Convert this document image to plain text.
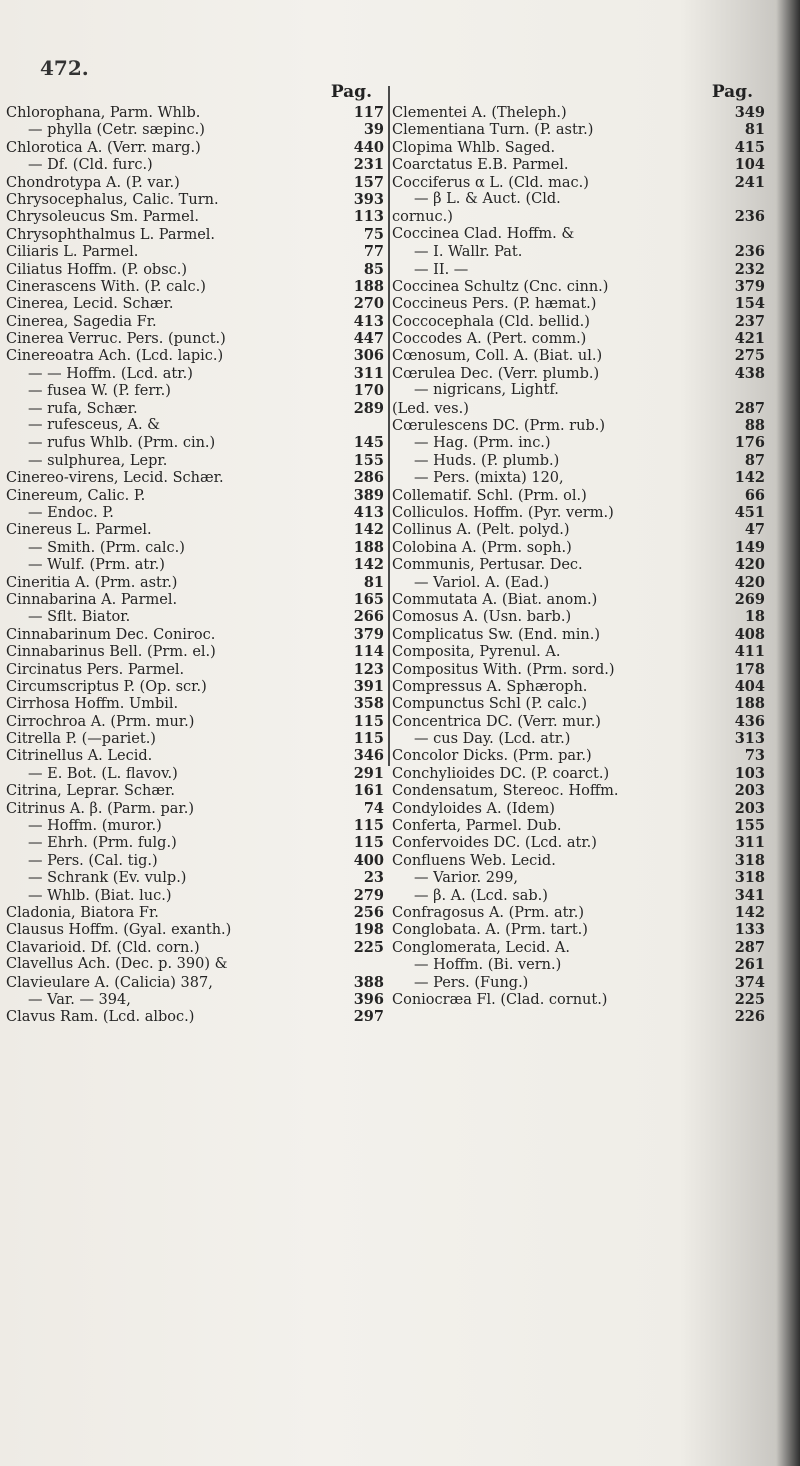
472.
Pag.
Chlorophana, Parm. Whlb.	117
— phylla (Cetr. sæpinc.)	39
Chlorotica A. (Verr. marg.)	440
— Df. (Cld. furc.)	231
Chondrotypa A. (P. var.)	157
Chrysocephalus, Calic. Turn.	393
Chrysoleucus Sm. Parmel.	113
Chrysophthalmus L. Parmel.	75
Ciliaris L. Parmel.	77
Ciliatus Hoffm. (P. obsc.)	85
Cinerascens With. (P. calc.)	188
Cinerea, Lecid. Schær.	270
Cinerea, Sagedia Fr.	413
Cinerea Verruc. Pers. (punct.)	447
Cinereoatra Ach. (Lcd. lapic.)	306
— — Hoffm. (Lcd. atr.)	311
— fusea W. (P. ferr.)	170
— rufa, Schær.	289
— rufesceus, A. &
— rufus Whlb. (Prm. cin.)	145
— sulphurea, Lepr.	155
Cinereo-virens, Lecid. Schær.	286
Cinereum, Calic. P.	389
— Endoc. P.	413
Cinereus L. Parmel.	142
— Smith. (Prm. calc.)	188
— Wulf. (Prm. atr.)	142
Cineritia A. (Prm. astr.)	81
Cinnabarina A. Parmel.	165
— Sflt. Biator.	266
Cinnabarinum Dec. Coniroc.	379
Cinnabarinus Bell. (Prm. el.)	114
Circinatus Pers. Parmel.	123
Circumscriptus P. (Op. scr.)	391
Cirrhosa Hoffm. Umbil.	358
Cirrochroa A. (Prm. mur.)	115
Citrella P. (—pariet.)	115
Citrinellus A. Lecid.	346
— E. Bot. (L. flavov.)	291
Citrina, Leprar. Schær.	161
Citrinus A. β. (Parm. par.)	74
— Hoffm. (muror.)	115
— Ehrh. (Prm. fulg.)	115
— Pers. (Cal. tig.)	400
— Schrank (Ev. vulp.)	23
— Whlb. (Biat. luc.)	279
Cladonia, Biatora Fr.	256
Clausus Hoffm. (Gyal. exanth.)	198
Clavarioid. Df. (Cld. corn.)	225
Clavellus Ach. (Dec. p. 390) &
Clavieulare A. (Calicia) 387,	388
— Var. — 394,	396
Clavus Ram. (Lcd. alboc.)	297
Pag.
Clementei A. (Theleph.)	349
Clementiana Turn. (P. astr.)	81
Clopima Whlb. Saged.	415
Coarctatus E.B. Parmel.	104
Cocciferus α L. (Cld. mac.)	241
— β L. & Auct. (Cld.
cornuc.)	236
Coccinea Clad. Hoffm. &
— I. Wallr. Pat.	236
— II. —	232
Coccinea Schultz (Cnc. cinn.)	379
Coccineus Pers. (P. hæmat.)	154
Coccocephala (Cld. bellid.)	237
Coccodes A. (Pert. comm.)	421
Cœnosum, Coll. A. (Biat. ul.)	275
Cœrulea Dec. (Verr. plumb.)	438
— nigricans, Lightf.
(Led. ves.)	287
Cœrulescens DC. (Prm. rub.)	88
— Hag. (Prm. inc.)	176
— Huds. (P. plumb.)	87
— Pers. (mixta) 120,	142
Collematif. Schl. (Prm. ol.)	66
Colliculos. Hoffm. (Pyr. verm.)	451
Collinus A. (Pelt. polyd.)	47
Colobina A. (Prm. soph.)	149
Communis, Pertusar. Dec.	420
— Variol. A. (Ead.)	420
Commutata A. (Biat. anom.)	269
Comosus A. (Usn. barb.)	18
Complicatus Sw. (End. min.)	408
Composita, Pyrenul. A.	411
Compositus With. (Prm. sord.)	178
Compressus A. Sphæroph.	404
Compunctus Schl (P. calc.)	188
Concentrica DC. (Verr. mur.)	436
— cus Day. (Lcd. atr.)	313
Concolor Dicks. (Prm. par.)	73
Conchylioides DC. (P. coarct.)	103
Condensatum, Stereoc. Hoffm.	203
Condyloides A. (Idem)	203
Conferta, Parmel. Dub.	155
Confervoides DC. (Lcd. atr.)	311
Confluens Web. Lecid.	318
— Varior. 299,	318
— β. A. (Lcd. sab.)	341
Confragosus A. (Prm. atr.)	142
Conglobata. A. (Prm. tart.)	133
Conglomerata, Lecid. A.	287
— Hoffm. (Bi. vern.)	261
— Pers. (Fung.)	374
Coniocræa Fl. (Clad. cornut.)	225
226
